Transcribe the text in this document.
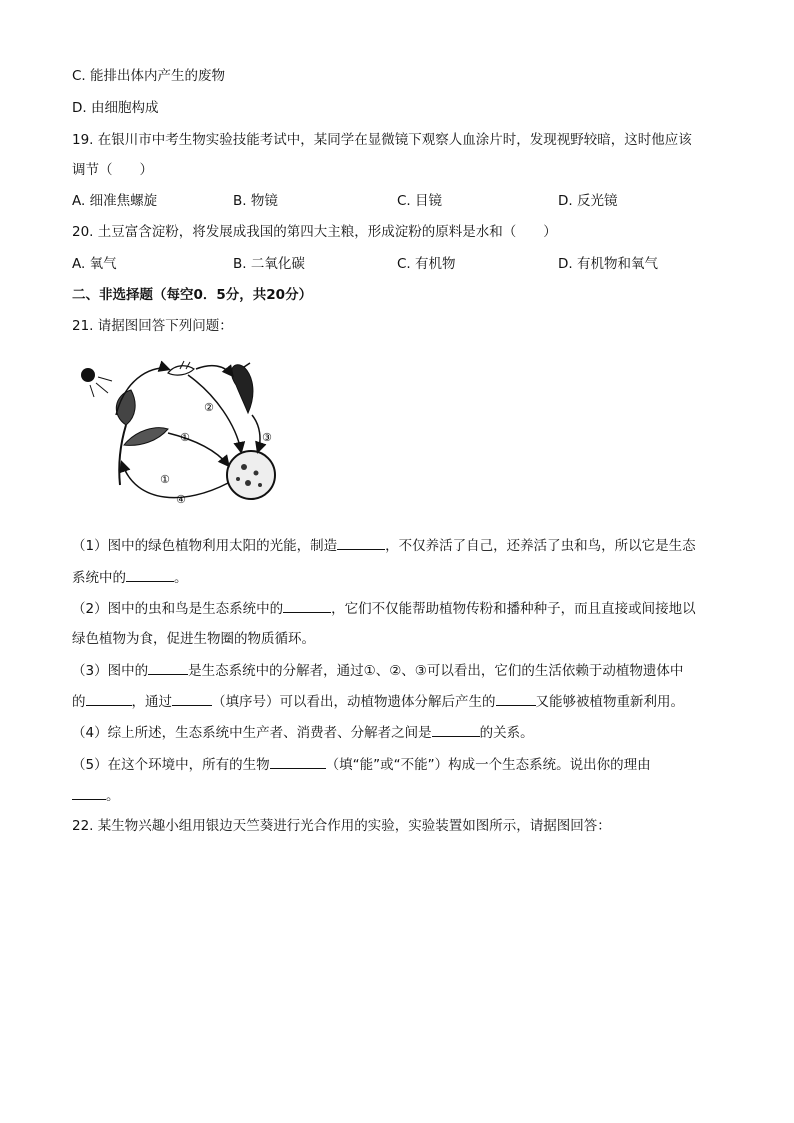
C. 能排出体内产生的废物
D. 由细胞构成
19. 在银川市中考生物实验技能考试中，某同学在显微镜下观察人血涂片时，发现视野较暗，这时他应该
调节（　　）
A. 细准焦螺旋	B. 物镜	C. 目镜	D. 反光镜
20. 土豆富含淀粉，将发展成我国的第四大主粮，形成淀粉的原料是水和（　　）
A. 氧气	B. 二氧化碳	C. 有机物	D. 有机物和氧气
二、非选择题（每空0．5分，共20分）
21. 请据图回答下列问题：
①
②
③
④
①
（1）图中的绿色植物利用太阳的光能，制造	，不仅养活了自己，还养活了虫和鸟，所以它是生态
系统中的	。
（2）图中的虫和鸟是生态系统中的	，它们不仅能帮助植物传粉和播种种子，而且直接或间接地以
绿色植物为食，促进生物圈的物质循环。
（3）图中的	是生态系统中的分解者，通过①、②、③可以看出，它们的生活依赖于动植物遗体中
的	，通过	（填序号）可以看出，动植物遗体分解后产生的	又能够被植物重新利用。
（4）综上所述，生态系统中生产者、消费者、分解者之间是	的关系。
（5）在这个环境中，所有的生物	（填“能”或“不能”）构成一个生态系统。说出你的理由
。
22. 某生物兴趣小组用银边天竺葵进行光合作用的实验，实验装置如图所示，请据图回答：
